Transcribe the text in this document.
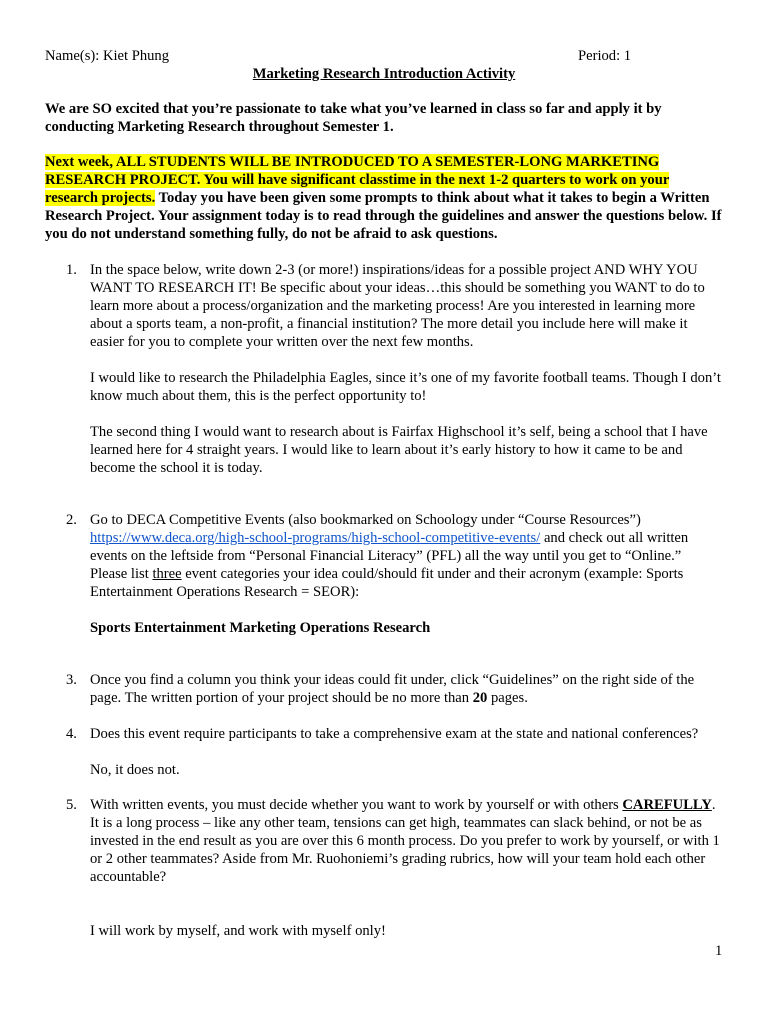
Name(s): Kiet Phung	Period: 1
Marketing Research Introduction Activity
We are SO excited that you’re passionate to take what you’ve learned in class so far and apply it by conducting Marketing Research throughout Semester 1.
Next week, ALL STUDENTS WILL BE INTRODUCED TO A SEMESTER-LONG MARKETING RESEARCH PROJECT. You will have significant classtime in the next 1-2 quarters to work on your research projects. Today you have been given some prompts to think about what it takes to begin a Written Research Project. Your assignment today is to read through the guidelines and answer the questions below. If you do not understand something fully, do not be afraid to ask questions.
1. In the space below, write down 2-3 (or more!) inspirations/ideas for a possible project AND WHY YOU WANT TO RESEARCH IT! Be specific about your ideas…this should be something you WANT to do to learn more about a process/organization and the marketing process! Are you interested in learning more about a sports team, a non-profit, a financial institution? The more detail you include here will make it easier for you to complete your written over the next few months.

I would like to research the Philadelphia Eagles, since it’s one of my favorite football teams. Though I don’t know much about them, this is the perfect opportunity to!

The second thing I would want to research about is Fairfax Highschool it’s self, being a school that I have learned here for 4 straight years. I would like to learn about it’s early history to how it came to be and become the school it is today.

2. Go to DECA Competitive Events (also bookmarked on Schoology under “Course Resources”) https://www.deca.org/high-school-programs/high-school-competitive-events/ and check out all written events on the leftside from “Personal Financial Literacy” (PFL) all the way until you get to “Online.” Please list three event categories your idea could/should fit under and their acronym (example: Sports Entertainment Operations Research = SEOR):

Sports Entertainment Marketing Operations Research

3. Once you find a column you think your ideas could fit under, click “Guidelines” on the right side of the page. The written portion of your project should be no more than 20 pages.

4. Does this event require participants to take a comprehensive exam at the state and national conferences?

No, it does not.

5. With written events, you must decide whether you want to work by yourself or with others CAREFULLY. It is a long process – like any other team, tensions can get high, teammates can slack behind, or not be as invested in the end result as you are over this 6 month process. Do you prefer to work by yourself, or with 1 or 2 other teammates? Aside from Mr. Ruohoniemi’s grading rubrics, how will your team hold each other accountable?

I will work by myself, and work with myself only!

1
